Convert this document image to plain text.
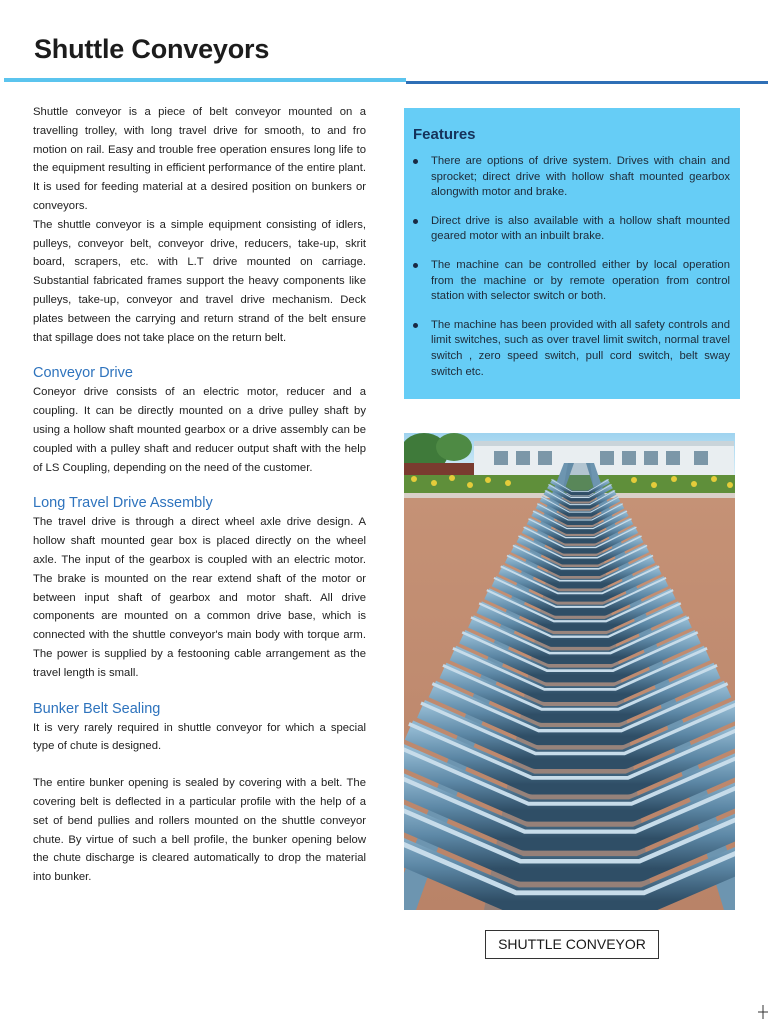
Shuttle Conveyors

Shuttle conveyor is a piece of belt conveyor mounted on a travelling trolley, with long travel drive for smooth, to and fro motion on rail. Easy and trouble free operation ensures long life to the equipment resulting in efficient performance of the entire plant. It is used for feeding material at a desired position on bunkers or conveyors.

The shuttle conveyor is a simple equipment consisting of idlers, pulleys, conveyor belt, conveyor drive, reducers, take-up, skrit board, scrapers, etc. with L.T drive mounted on carriage. Substantial fabricated frames support the heavy components like pulleys, take-up, conveyor and travel drive mechanism. Deck plates between the carrying and return strand of the belt ensure that spillage does not take place on the return belt.

Conveyor Drive

Coneyor drive consists of an electric motor, reducer and a coupling. It can be directly mounted on a drive pulley shaft by using a hollow shaft mounted gearbox or a drive assembly can be coupled with a pulley shaft and reducer output shaft with the help of LS Coupling, depending on the need of the customer.

Long Travel Drive Assembly

The travel drive is through a direct wheel axle drive design. A hollow shaft mounted gear box is placed directly on the wheel axle. The input of the gearbox is coupled with an electric motor. The brake is mounted on the rear extend shaft of the motor or between input shaft of gearbox and motor shaft. All drive components are mounted on a common drive base, which is connected with the shuttle conveyor's main body with torque arm. The power is supplied by a festooning cable arrangement as the travel length is small.

Bunker Belt Sealing

It is very rarely required in shuttle conveyor for which a special type of chute is designed.

The entire bunker opening is sealed by covering with a belt. The covering belt is deflected in a particular profile with the help of a set of bend pullies and rollers mounted on the shuttle conveyor chute. By virtue of such a bell profile, the bunker opening below the chute discharge is cleared automatically to drop the material into bunker.

Features
There are options of drive system. Drives with chain and sprocket; direct drive with hollow shaft mounted gearbox alongwith motor and brake.
Direct drive is also available with a hollow shaft mounted geared motor with an inbuilt brake.
The machine can be controlled either by local operation from the machine or by remote operation from control station with selector switch or both.
The machine has been provided with all safety controls and limit switches, such as over travel limit switch, normal travel switch , zero speed switch, pull cord switch, belt sway switch etc.
SHUTTLE CONVEYOR
